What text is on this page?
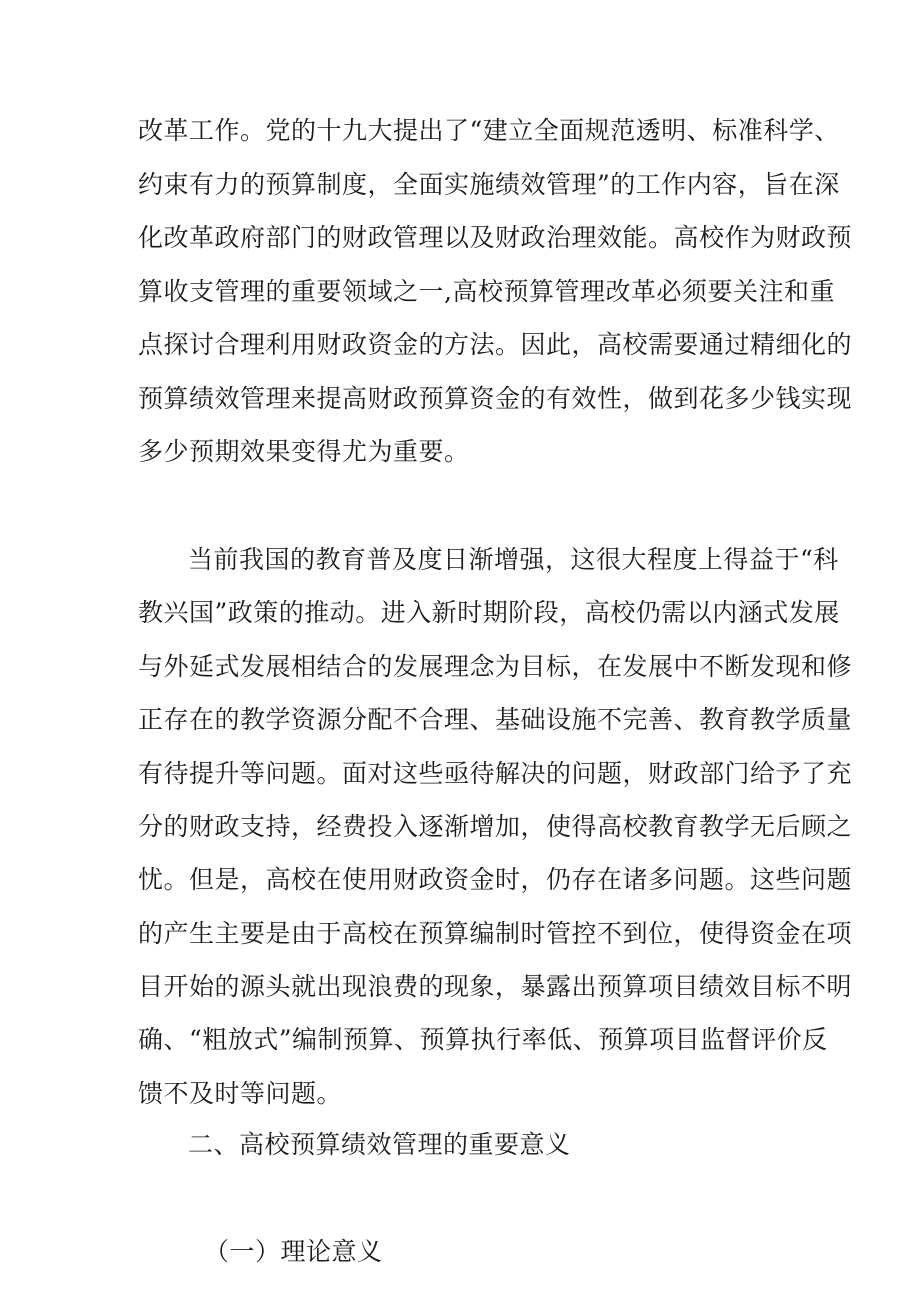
改革工作。党的十九大提出了“建立全面规范透明、标准科学、
约束有力的预算制度，全面实施绩效管理”的工作内容，旨在深
化改革政府部门的财政管理以及财政治理效能。高校作为财政预
算收支管理的重要领域之一,高校预算管理改革必须要关注和重
点探讨合理利用财政资金的方法。因此，高校需要通过精细化的
预算绩效管理来提高财政预算资金的有效性，做到花多少钱实现
多少预期效果变得尤为重要。
当前我国的教育普及度日渐增强，这很大程度上得益于“科
教兴国”政策的推动。进入新时期阶段，高校仍需以内涵式发展
与外延式发展相结合的发展理念为目标，在发展中不断发现和修
正存在的教学资源分配不合理、基础设施不完善、教育教学质量
有待提升等问题。面对这些亟待解决的问题，财政部门给予了充
分的财政支持，经费投入逐渐增加，使得高校教育教学无后顾之
忧。但是，高校在使用财政资金时，仍存在诸多问题。这些问题
的产生主要是由于高校在预算编制时管控不到位，使得资金在项
目开始的源头就出现浪费的现象，暴露出预算项目绩效目标不明
确、“粗放式”编制预算、预算执行率低、预算项目监督评价反
馈不及时等问题。
二、高校预算绩效管理的重要意义
（一）理论意义
